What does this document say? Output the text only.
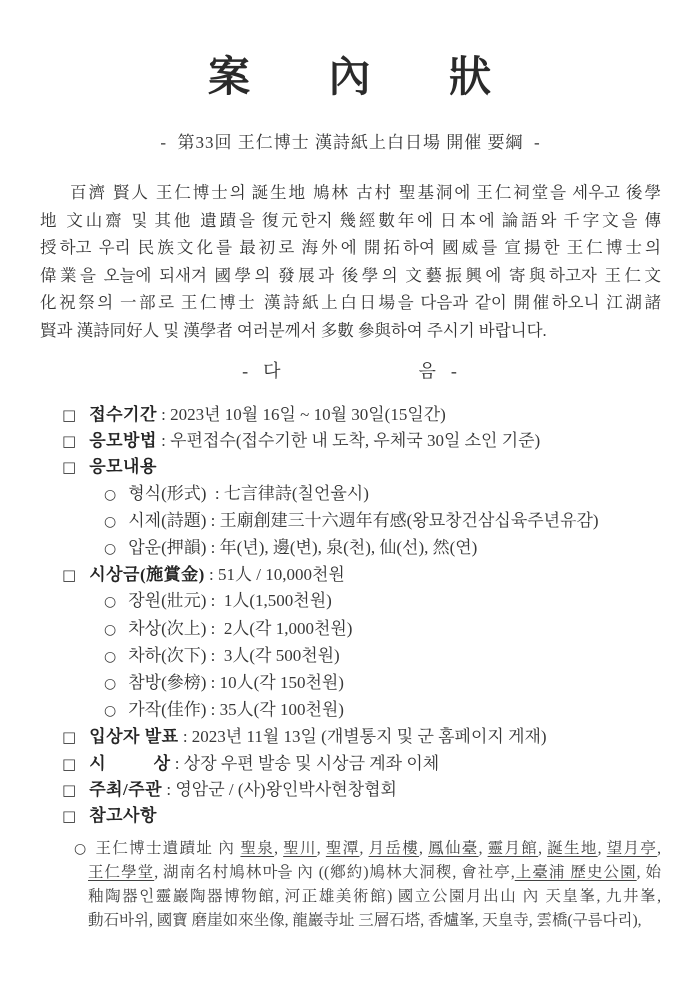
案 內 狀
-  第33回 王仁博士 漢詩紙上白日場 開催 要綱  -
百濟 賢人 王仁博士의 誕生地 鳩林 古村 聖基洞에 王仁祠堂을 세우고 後學
地 文山齋 및 其他 遺蹟을 復元한지 幾經數年에 日本에 論語와 千字文을 傳
授하고 우리 民族文化를 最初로 海外에 開拓하여 國威를 宣揚한 王仁博士의
偉業을 오늘에 되새겨 國學의 發展과 後學의 文藝振興에 寄與하고자 王仁文
化祝祭의 一部로 王仁博士 漢詩紙上白日場을 다음과 같이 開催하오니 江湖諸
賢과 漢詩同好人 및 漢學者 여러분께서 多數 參與하여 주시기 바랍니다.
-  다	음  -
□ 접수기간 : 2023년 10월 16일 ~ 10월 30일(15일간)
□ 응모방법 : 우편접수(접수기한 내 도착, 우체국 30일 소인 기준)
□ 응모내용
○ 형식(形式)  : 七言律詩(칠언율시)
○ 시제(詩題) : 王廟創建三十六週年有感(왕묘창건삼십육주년유감)
○ 압운(押韻) : 年(년), 邊(변), 泉(천), 仙(선), 然(연)
□ 시상금(施賞金) : 51人 / 10,000천원
○ 장원(壯元) :  1人(1,500천원)
○ 차상(次上) :  2人(각 1,000천원)
○ 차하(次下) :  3人(각 500천원)
○ 참방(參榜) : 10人(각 150천원)
○ 가작(佳作) : 35人(각 100천원)
□ 입상자 발표 : 2023년 11월 13일 (개별통지 및 군 홈페이지 게재)
□ 시          상 : 상장 우편 발송 및 시상금 계좌 이체
□ 주최/주관 : 영암군 / (사)왕인박사현창협회
□ 참고사항
○王仁博士遺蹟址 內 聖泉, 聖川, 聖潭, 月岳樓, 鳳仙臺, 靈月館, 誕生地, 望月亭,
王仁學堂, 湖南名村鳩林마을 內 ((鄕約)鳩林大洞稧, 會社亭,上臺浦 歷史公園, 始
釉陶器인靈巖陶器博物館, 河正雄美術館) 國立公園月出山 內 天皇峯, 九井峯,
動石바위, 國寶 磨崖如來坐像, 龍巖寺址 三層石塔, 香爐峯, 天皇寺, 雲橋(구름다리),
